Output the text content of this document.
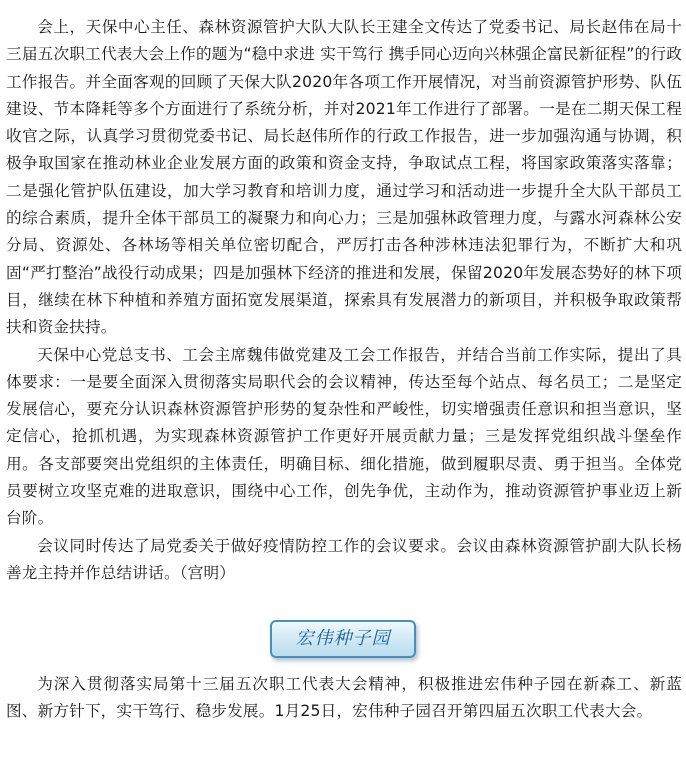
会上，天保中心主任、森林资源管护大队大队长王建全文传达了党委书记、局长赵伟在局十三届五次职工代表大会上作的题为“稳中求进 实干笃行 携手同心迈向兴林强企富民新征程”的行政工作报告。并全面客观的回顾了天保大队2020年各项工作开展情况，对当前资源管护形势、队伍建设、节本降耗等多个方面进行了系统分析，并对2021年工作进行了部署。一是在二期天保工程收官之际，认真学习贯彻党委书记、局长赵伟所作的行政工作报告，进一步加强沟通与协调，积极争取国家在推动林业企业发展方面的政策和资金支持，争取试点工程，将国家政策落实落靠；二是强化管护队伍建设，加大学习教育和培训力度，通过学习和活动进一步提升全大队干部员工的综合素质，提升全体干部员工的凝聚力和向心力；三是加强林政管理力度，与露水河森林公安分局、资源处、各林场等相关单位密切配合，严厉打击各种涉林违法犯罪行为，不断扩大和巩固“严打整治”战役行动成果；四是加强林下经济的推进和发展，保留2020年发展态势好的林下项目，继续在林下种植和养殖方面拓宽发展渠道，探索具有发展潜力的新项目，并积极争取政策帮扶和资金扶持。

天保中心党总支书、工会主席魏伟做党建及工会工作报告，并结合当前工作实际，提出了具体要求：一是要全面深入贯彻落实局职代会的会议精神，传达至每个站点、每名员工；二是坚定发展信心，要充分认识森林资源管护形势的复杂性和严峻性，切实增强责任意识和担当意识，坚定信心，抢抓机遇，为实现森林资源管护工作更好开展贡献力量；三是发挥党组织战斗堡垒作用。各支部要突出党组织的主体责任，明确目标、细化措施，做到履职尽责、勇于担当。全体党员要树立攻坚克难的进取意识，围绕中心工作，创先争优，主动作为，推动资源管护事业迈上新台阶。

会议同时传达了局党委关于做好疫情防控工作的会议要求。会议由森林资源管护副大队长杨善龙主持并作总结讲话。（宫明）

宏伟种子园

为深入贯彻落实局第十三届五次职工代表大会精神，积极推进宏伟种子园在新森工、新蓝图、新方针下，实干笃行、稳步发展。1月25日，宏伟种子园召开第四届五次职工代表大会。
